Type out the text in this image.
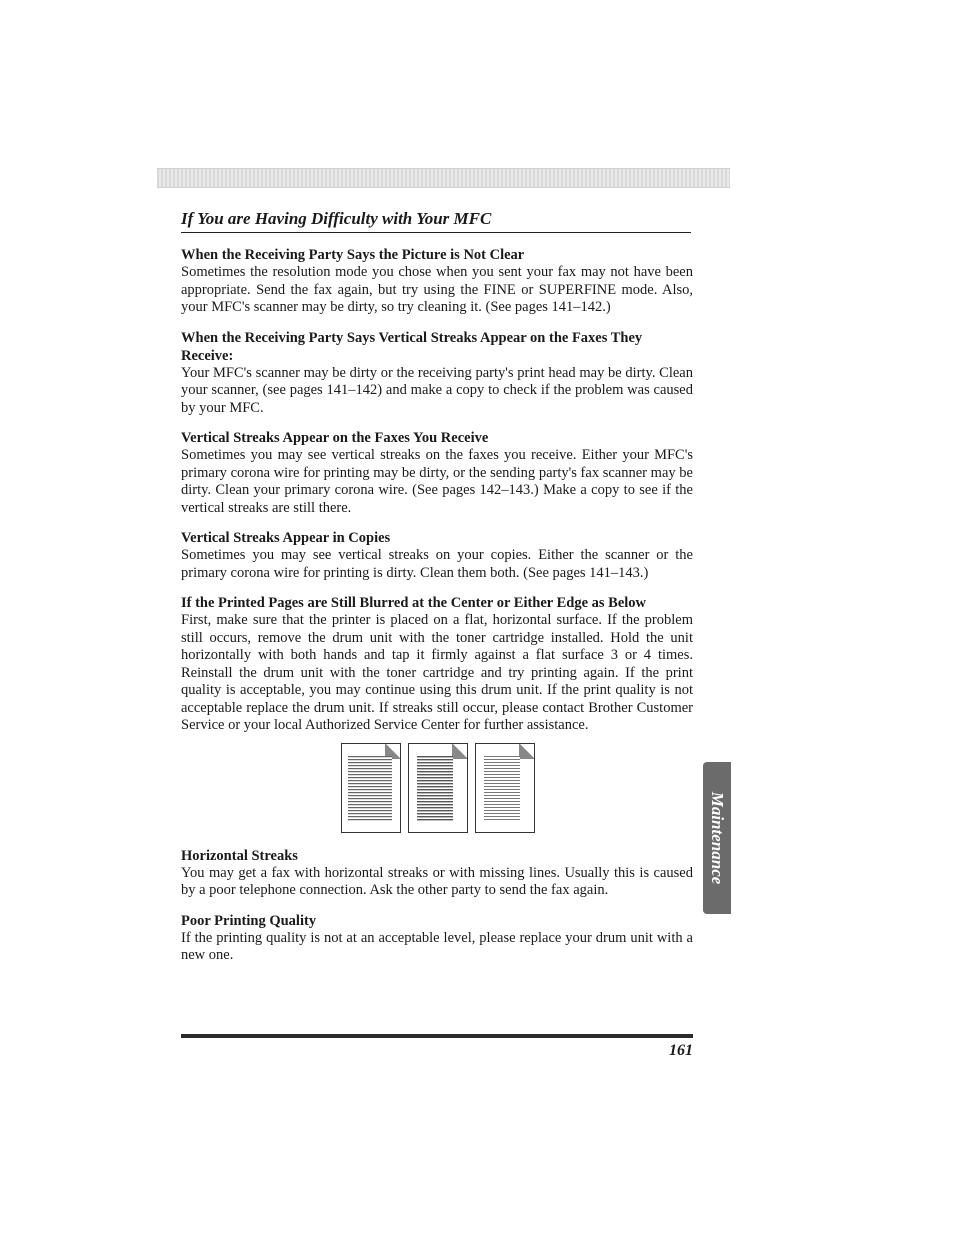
If You are Having Difficulty with Your MFC
When the Receiving Party Says the Picture is Not Clear

Sometimes the resolution mode you chose when you sent your fax may not have been appropriate. Send the fax again, but try using the FINE or SUPERFINE mode. Also, your MFC's scanner may be dirty, so try cleaning it. (See pages 141–142.)

When the Receiving Party Says Vertical Streaks Appear on the Faxes They Receive:

Your MFC's scanner may be dirty or the receiving party's print head may be dirty. Clean your scanner, (see pages 141–142) and make a copy to check if the problem was caused by your MFC.

Vertical Streaks Appear on the Faxes You Receive

Sometimes you may see vertical streaks on the faxes you receive. Either your MFC's primary corona wire for printing may be dirty, or the sending party's fax scanner may be dirty. Clean your primary corona wire. (See pages 142–143.) Make a copy to see if the vertical streaks are still there.

Vertical Streaks Appear in Copies

Sometimes you may see vertical streaks on your copies. Either the scanner or the primary corona wire for printing is dirty. Clean them both. (See pages 141–143.)

If the Printed Pages are Still Blurred at the Center or Either Edge as Below

First, make sure that the printer is placed on a flat, horizontal surface. If the problem still occurs, remove the drum unit with the toner cartridge installed. Hold the unit horizontally with both hands and tap it firmly against a flat surface 3 or 4 times. Reinstall the drum unit with the toner cartridge and try printing again. If the print quality is acceptable, you may continue using this drum unit. If the print quality is not acceptable replace the drum unit. If streaks still occur, please contact Brother Customer Service or your local Authorized Service Center for further assistance.

Horizontal Streaks

You may get a fax with horizontal streaks or with missing lines. Usually this is caused by a poor telephone connection. Ask the other party to send the fax again.

Poor Printing Quality

If the printing quality is not at an acceptable level, please replace your drum unit with a new one.

Maintenance
161
